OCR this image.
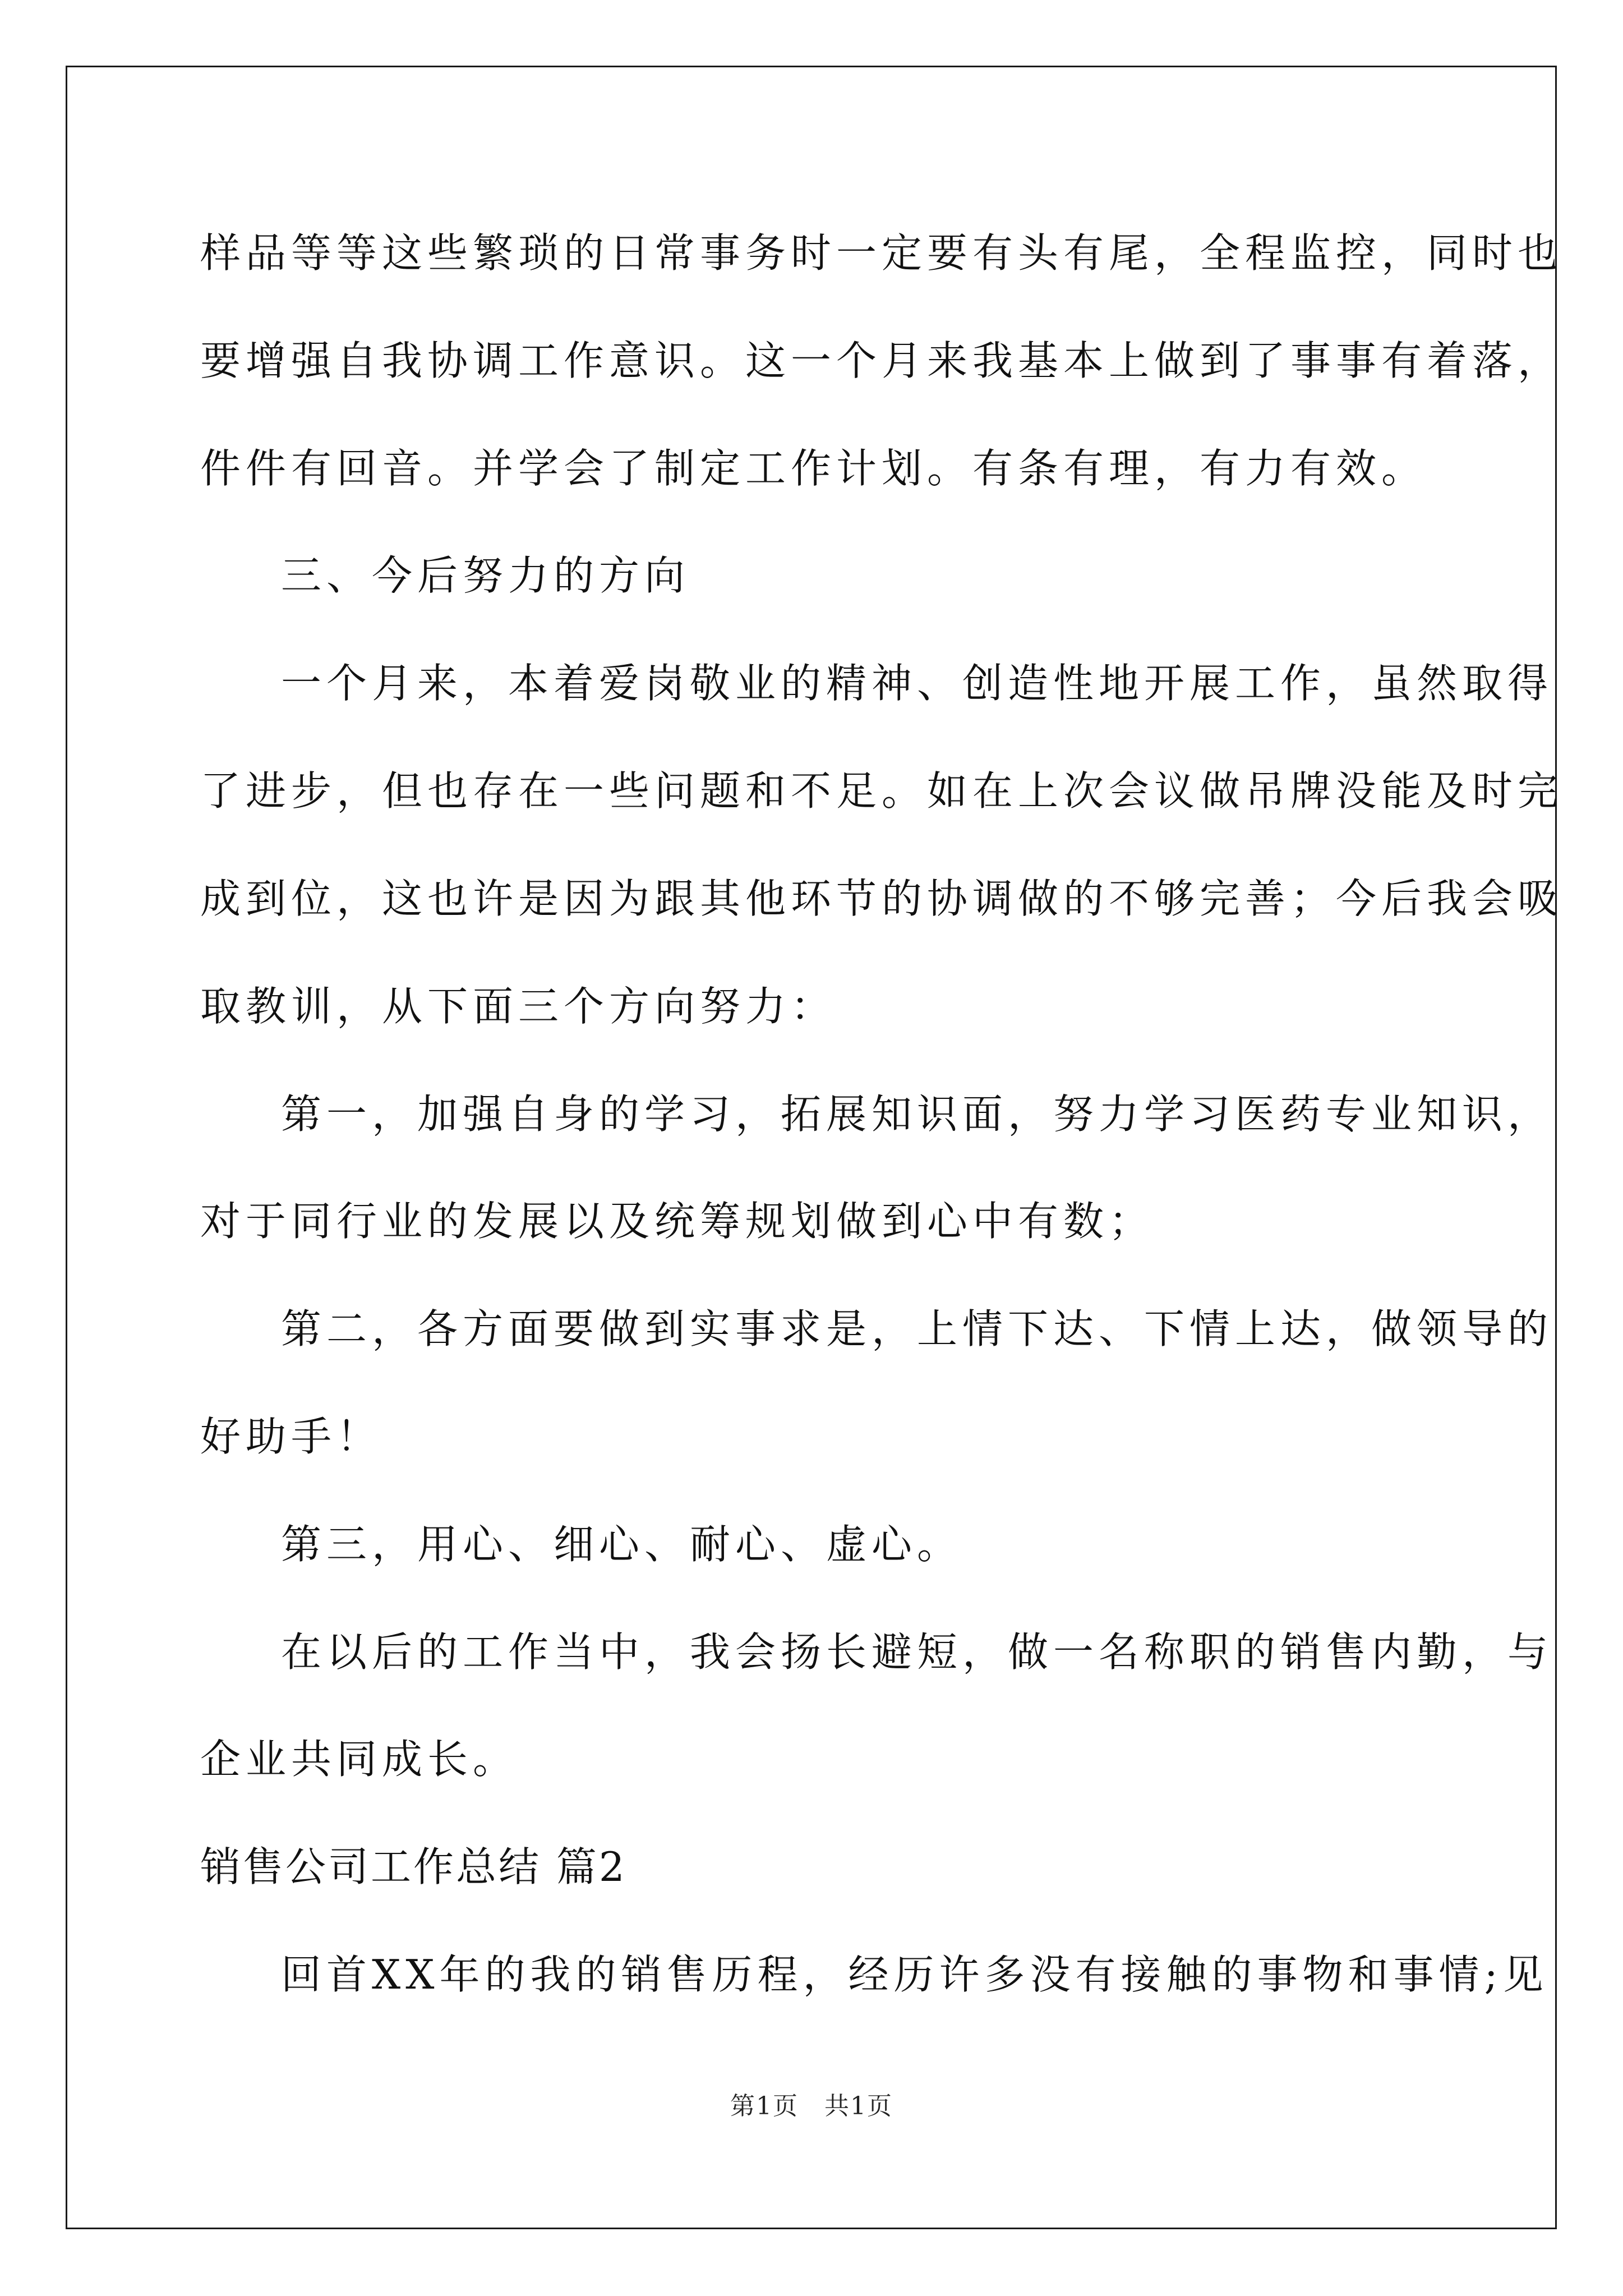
样品等等这些繁琐的日常事务时一定要有头有尾，全程监控，同时也
要增强自我协调工作意识。这一个月来我基本上做到了事事有着落，
件件有回音。并学会了制定工作计划。有条有理，有力有效。
三、今后努力的方向
一个月来，本着爱岗敬业的精神、创造性地开展工作，虽然取得
了进步，但也存在一些问题和不足。如在上次会议做吊牌没能及时完
成到位，这也许是因为跟其他环节的协调做的不够完善；今后我会吸
取教训，从下面三个方向努力：
第一，加强自身的学习，拓展知识面，努力学习医药专业知识，
对于同行业的发展以及统筹规划做到心中有数；
第二，各方面要做到实事求是，上情下达、下情上达，做领导的
好助手！
第三，用心、细心、耐心、虚心。
在以后的工作当中，我会扬长避短，做一名称职的销售内勤，与
企业共同成长。
销售公司工作总结 篇2
回首XX年的我的销售历程，经历许多没有接触的事物和事情;见
第1页　共1页
